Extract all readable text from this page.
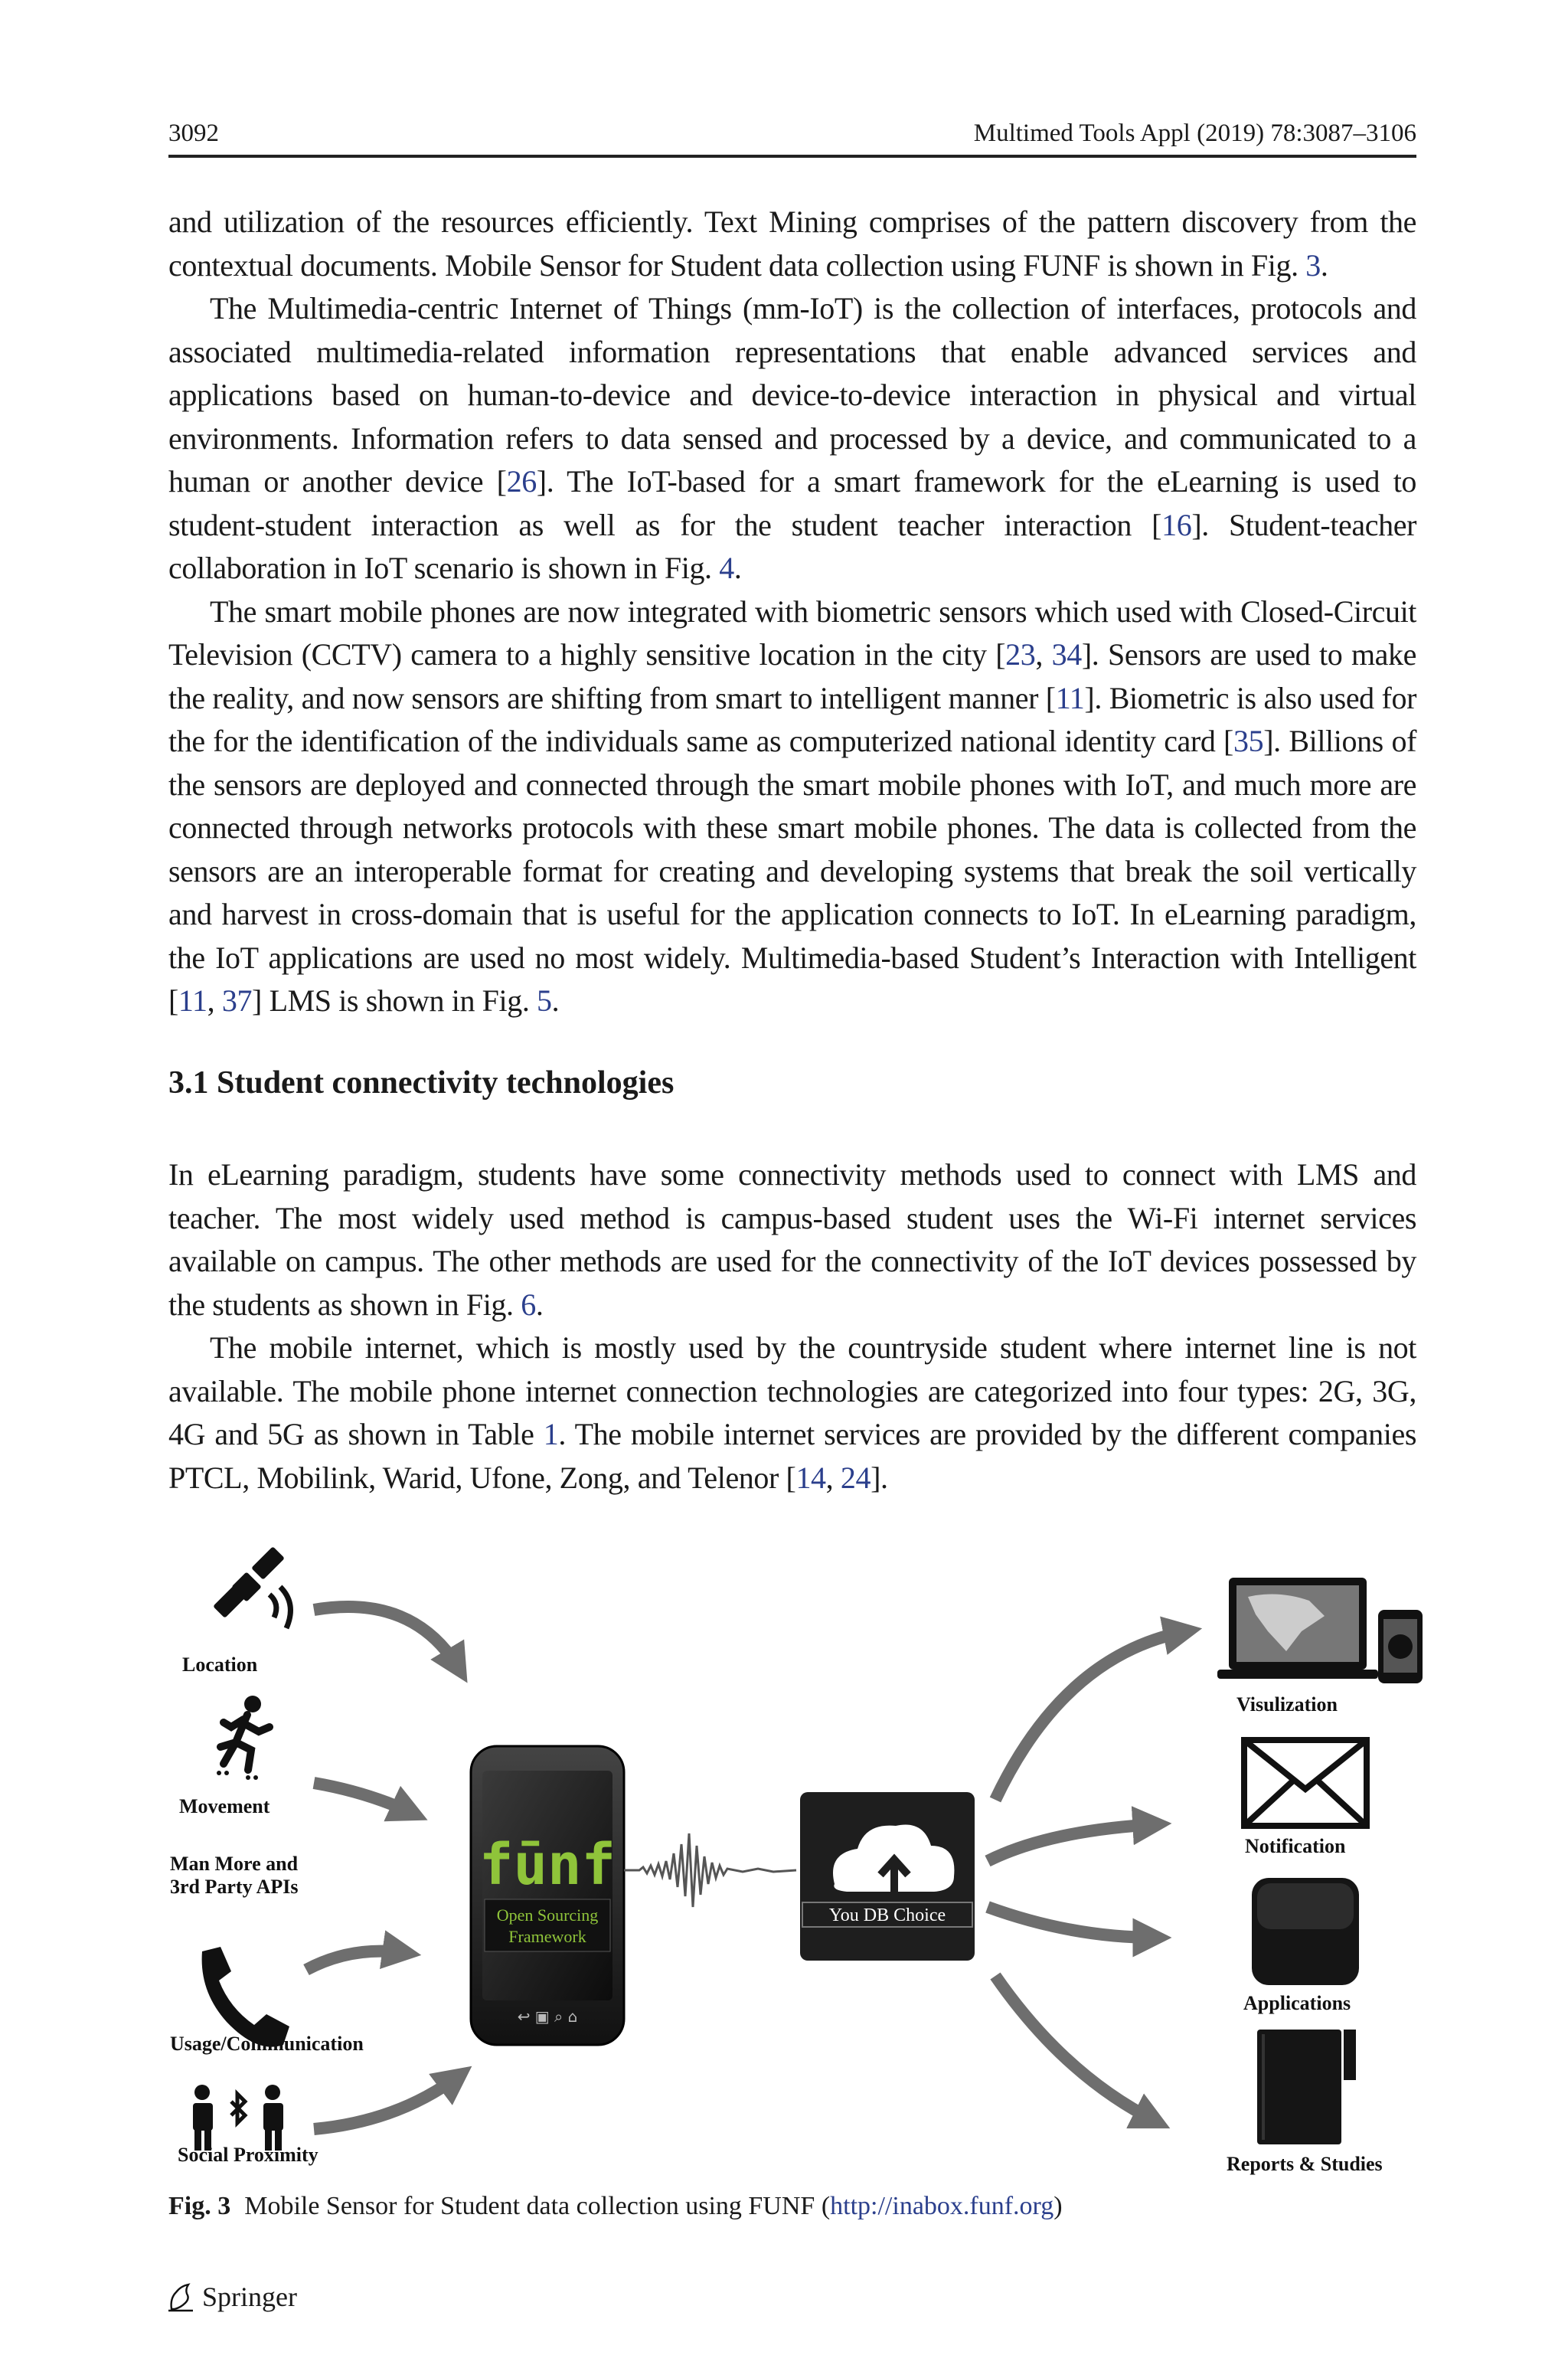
3092	Multimed Tools Appl (2019) 78:3087–3106

and utilization of the resources efficiently. Text Mining comprises of the pattern discovery from the contextual documents. Mobile Sensor for Student data collection using FUNF is shown in Fig. 3.

The Multimedia-centric Internet of Things (mm-IoT) is the collection of interfaces, protocols and associated multimedia-related information representations that enable advanced services and applications based on human-to-device and device-to-device interaction in physical and virtual environments. Information refers to data sensed and processed by a device, and communicated to a human or another device [26]. The IoT-based for a smart framework for the eLearning is used to student-student interaction as well as for the student teacher interaction [16]. Student-teacher collaboration in IoT scenario is shown in Fig. 4.

The smart mobile phones are now integrated with biometric sensors which used with Closed-Circuit Television (CCTV) camera to a highly sensitive location in the city [23, 34]. Sensors are used to make the reality, and now sensors are shifting from smart to intelligent manner [11]. Biometric is also used for the for the identification of the individuals same as computerized national identity card [35]. Billions of the sensors are deployed and connected through the smart mobile phones with IoT, and much more are connected through networks protocols with these smart mobile phones. The data is collected from the sensors are an interoperable format for creating and developing systems that break the soil vertically and harvest in cross-domain that is useful for the application connects to IoT. In eLearning paradigm, the IoT applications are used no most widely. Multimedia-based Student’s Interaction with Intelligent [11, 37] LMS is shown in Fig. 5.

3.1 Student connectivity technologies

In eLearning paradigm, students have some connectivity methods used to connect with LMS and teacher. The most widely used method is campus-based student uses the Wi-Fi internet services available on campus. The other methods are used for the connectivity of the IoT devices possessed by the students as shown in Fig. 6.

The mobile internet, which is mostly used by the countryside student where internet line is not available. The mobile phone internet connection technologies are categorized into four types: 2G, 3G, 4G and 5G as shown in Table 1. The mobile internet services are provided by the different companies PTCL, Mobilink, Warid, Ufone, Zong, and Telenor [14, 24].

Location
Movement
Man More and
3rd Party APIs
Usage/Communication
Social Proximity
fūnf
Open Sourcing
Framework
↩ ▣ ⌕ ⌂
You DB Choice
Visulization
Notification
Applications
Reports & Studies
Fig. 3 Mobile Sensor for Student data collection using FUNF (http://inabox.funf.org)
Springer
